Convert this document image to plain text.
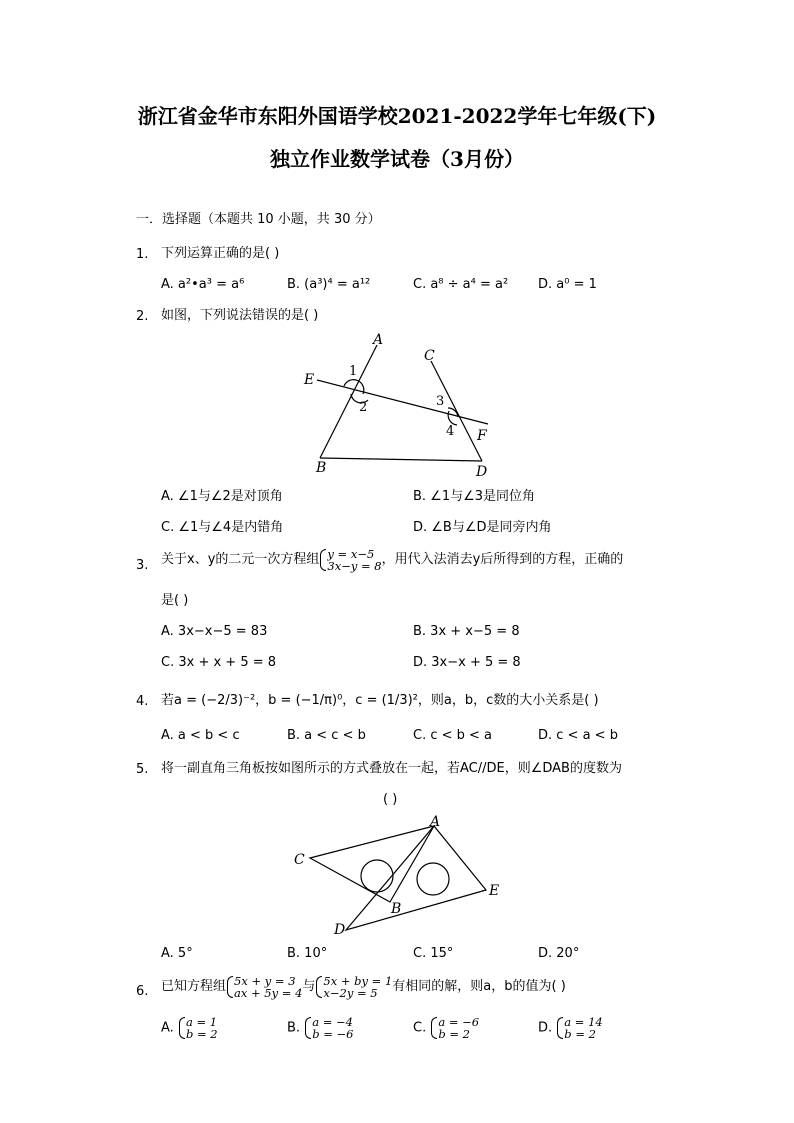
浙江省金华市东阳外国语学校2021-2022学年七年级(下)
独立作业数学试卷（3月份）
一．选择题（本题共 10 小题，共 30 分）
1. 下列运算正确的是( )
A. a²•a³ = a⁶	B. (a³)⁴ = a¹²	C. a⁸ ÷ a⁴ = a² D. a⁰ = 1
2. 如图，下列说法错误的是( )
A
B
C
D
E
F
1
2	3
4
A. ∠1与∠2是对顶角	B. ∠1与∠3是同位角
C. ∠1与∠4是内错角	D. ∠B与∠D是同旁内角
3. 关于x、y的二元一次方程组 y = x−5
3x−y = 8 ，用代入法消去y后所得到的方程，正确的
是( )
A. 3x−x−5 = 83	B. 3x + x−5 = 8
C. 3x + x + 5 = 8	D. 3x−x + 5 = 8
4. 若a = (−2/3)⁻²，b = (−1/π)⁰，c = (1/3)²，则a，b，c数的大小关系是( )
A. a < b < c	B. a < c < b	C. c < b < a	D. c < a < b
5. 将一副直角三角板按如图所示的方式叠放在一起，若AC//DE，则∠DAB的度数为
( )
A
B
C
D
E
A. 5°	B. 10°	C. 15°	D. 20°
6. 已知方程组 5x + y = 3
ax + 5y = 4 与 5x + by = 1
x−2y = 5	有相同的解，则a，b的值为( )
A. a = 1
b = 2	B. a = −4
b = −6	C. a = −6
b = 2	D. a = 14
b = 2
